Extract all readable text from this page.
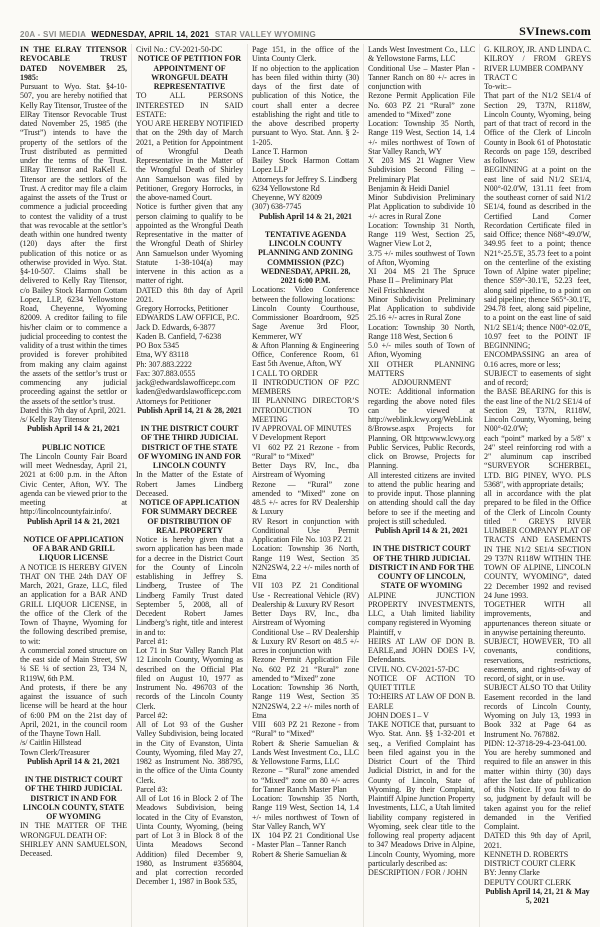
20A - SVI MEDIA WEDNESDAY, APRIL 14, 2021 STAR VALLEY WYOMING	SVInews.com

IN THE ELRAY TITENSOR REVOCABLE TRUST DATED NOVEMBER 25, 1985:

Pursuant to Wyo. Stat. §4-10-507, you are hereby notified that Kelly Ray Titensor, Trustee of the ElRay Titensor Revocable Trust dated November 25, 1985 (the “Trust”) intends to have the property of the settlors of the Trust distributed as permitted under the terms of the Trust. ElRay Titensor and RaKell E. Titensor are the settlors of the Trust. A creditor may file a claim against the assets of the Trust or commence a judicial proceeding to contest the validity of a trust that was revocable at the settlor’s death within one hundred twenty (120) days after the first publication of this notice or as otherwise provided in Wyo. Stat. §4-10-507. Claims shall be delivered to Kelly Ray Titensor, c/o Bailey Stock Harmon Cottam Lopez, LLP, 6234 Yellowstone Road, Cheyenne, Wyoming 82009. A creditor failing to file his/her claim or to commence a judicial proceeding to contest the validity of a trust within the times provided is forever prohibited from making any claim against the assets of the settlor’s trust or commencing any judicial proceeding against the settlor or the assets of the settlor’s trust.

Dated this 7th day of April, 2021.

/s/ Kelly Ray Titensor

Publish April 14 & 21, 2021

PUBLIC NOTICE

The Lincoln County Fair Board will meet Wednesday, April 21, 2021 at 6:00 p.m. in the Afton Civic Center, Afton, WY. The agenda can be viewed prior to the meeting at http://lincolncountyfair.info/.

Publish April 14 & 21, 2021

NOTICE OF APPLICATION OF A BAR AND GRILL LIQUOR LICENSE

A NOTICE IS HEREBY GIVEN THAT ON THE 24th DAY OF March, 2021, Graze, LLC, filed an application for a BAR AND GRILL LIQUOR LICENSE, in the office of the Clerk of the Town of Thayne, Wyoming for the following described premise, to wit:

A commercial zoned structure on the east side of Main Street, SW ¼ SE ¼ of section 23, T34 N, R119W, 6th P.M.

And protests, if there be any against the issuance of such license will be heard at the hour of 6:00 PM on the 21st day of April, 2021, in the council room of the Thayne Town Hall.

/s/ Caitlin Hillstead

Town Clerk/Treasurer

Publish April 14 & 21, 2021

IN THE DISTRICT COURT OF THE THIRD JUDICIAL DISTRICT IN AND FOR LINCOLN COUNTY, STATE OF WYOMING

IN THE MATTER OF THE WRONGFUL DEATH OF:

SHIRLEY ANN SAMUELSON, Deceased.

Civil No.: CV-2021-50-DC

NOTICE OF PETITION FOR APPOINTMENT OF WRONGFUL DEATH REPRESENTATIVE

TO ALL PERSONS INTERESTED IN SAID ESTATE:

YOU ARE HEREBY NOTIFIED that on the 29th day of March 2021, a Petition for Appointment of Wrongful Death Representative in the Matter of the Wrongful Death of Shirley Ann Samuelson was filed by Petitioner, Gregory Horrocks, in the above-named Court.

Notice is further given that any person claiming to qualify to be appointed as the Wrongful Death Representative in the matter of the Wrongful Death of Shirley Ann Samuelson under Wyoming Statute 1-38-104(a) may intervene in this action as a matter of right.

DATED this 8th day of April 2021.

Gregory Horrocks, Petitioner

EDWARDS LAW OFFICE, P.C.

Jack D. Edwards, 6-3877

Kaden B. Canfield, 7-6238

PO Box 5345

Etna, WY 83118

Ph: 307.883.2222

Fax: 307.883.0555

jack@edwardslawofficepc.com

kaden@edwardslawofficepc.com

Attorneys for Petitioner

Publish April 14, 21 & 28, 2021

IN THE DISTRICT COURT OF THE THIRD JUDICIAL DISTRICT OF THE STATE OF WYOMING IN AND FOR LINCOLN COUNTY

In the Matter of the Estate of Robert James Lindberg Deceased.

NOTICE OF APPLICATION FOR SUMMARY DECREE OF DISTRIBUTION OF REAL PROPERTY

Notice is hereby given that a sworn application has been made for a decree in the District Court for the County of Lincoln establishing in Jeffrey S. Lindberg, Trustee of The Lindberg Family Trust dated September 5, 2008, all of Decedent Robert James Lindberg’s right, title and interest in and to:

Parcel #1:

Lot 71 in Star Valley Ranch Plat 12 Lincoln County, Wyoming as described on the Official Plat filed on August 10, 1977 as Instrument No. 496703 of the records of the Lincoln County Clerk.

Parcel #2:

All of Lot 93 of the Gusher Valley Subdivision, being located in the City of Evanston, Uinta County, Wyoming, filed May 27, 1982 as Instrument No. 388795, in the office of the Uinta County Clerk.

Parcel #3:

All of Lot 16 in Block 2 of The Meadows Subdivision, being located in the City of Evanston, Uinta County, Wyoming, (being part of Lot 3 in Block 8 of the Uinta Meadows Second Addition) filed December 9, 1980, as Instrument #356804, and plat correction recorded December 1, 1987 in Book 535,

Page 151, in the office of the Uinta County Clerk.

If no objection to the application has been filed within thirty (30) days of the first date of publication of this Notice, the court shall enter a decree establishing the right and title to the above described property pursuant to Wyo. Stat. Ann. § 2-1-205.

Lance T. Harmon

Bailey Stock Harmon Cottam Lopez LLP

Attorneys for Jeffrey S. Lindberg

6234 Yellowstone Rd

Cheyenne, WY 82009

(307) 638-7745

Publish April 14 & 21, 2021

TENTATIVE AGENDA LINCOLN COUNTY PLANNING AND ZONING COMMISSION (PZC) WEDNESDAY, APRIL 28, 2021 6:00 P.M.

Locations: Video Conference between the following locations:

Lincoln County Courthouse, Commissioner Boardroom, 925 Sage Avenue 3rd Floor, Kemmerer, WY

& Afton Planning & Engineering Office, Conference Room, 61 East 5th Avenue, Afton, WY

I CALL TO ORDER

II INTRODUCTION OF PZC MEMBERS

III PLANNING DIRECTOR’S INTRODUCTION TO MEETING

IV APPROVAL OF MINUTES

V Development Report

VI 602 PZ 21 Rezone - from “Rural” to “Mixed”

Better Days RV, Inc., dba Airstream of Wyoming

Rezone — “Rural” zone amended to “Mixed” zone on 48.5 +/- acres for RV Dealership & Luxury

RV Resort in conjunction with Conditional Use Permit Application File No. 103 PZ 21

Location: Township 36 North, Range 119 West, Section 35 N2N2SW4, 2.2 +/- miles north of Etna

VII 103 PZ 21 Conditional Use - Recreational Vehicle (RV) Dealership & Luxury RV Resort

Better Days RV, Inc., dba Airstream of Wyoming

Conditional Use – RV Dealership & Luxury RV Resort on 48.5 +/- acres in conjunction with

Rezone Permit Application File No. 602 PZ 21 “Rural” zone amended to “Mixed” zone

Location: Township 36 North, Range 119 West, Section 35 N2N2SW4, 2.2 +/- miles north of Etna

VIII 603 PZ 21 Rezone - from “Rural” to “Mixed”

Robert & Sherie Samuelian & Lands West Investment Co., LLC & Yellowstone Farms, LLC

Rezone – “Rural” zone amended to “Mixed” zone on 80 +/- acres for Tanner Ranch Master Plan

Location: Township 35 North, Range 119 West, Section 14, 1.4 +/- miles northwest of Town of Star Valley Ranch, WY

IX 104 PZ 21 Conditional Use - Master Plan – Tanner Ranch

Robert & Sherie Samuelian &

Lands West Investment Co., LLC & Yellowstone Farms, LLC

Conditional Use – Master Plan - Tanner Ranch on 80 +/- acres in conjunction with

Rezone Permit Application File No. 603 PZ 21 “Rural” zone amended to “Mixed” zone

Location: Township 35 North, Range 119 West, Section 14, 1.4 +/- miles northwest of Town of Star Valley Ranch, WY

X 203 MS 21 Wagner View Subdivision Second Filing – Preliminary Plat

Benjamin & Heidi Daniel

Minor Subdivision Preliminary Plat Application to subdivide 10 +/- acres in Rural Zone

Location: Township 31 North, Range 119 West, Section 25, Wagner View Lot 2,

3.75 +/- miles southwest of Town of Afton, Wyoming

XI 204 MS 21 The Spruce Phase II – Preliminary Plat

Neil Frischknecht

Minor Subdivision Preliminary Plat Application to subdivide 25.16 +/- acres in Rural Zone

Location: Township 30 North, Range 118 West, Section 6

5.0 +/- miles south of Town of Afton, Wyoming

XII OTHER PLANNING MATTERS

ADJOURNMENT

NOTE: Additional information regarding the above noted files can be viewed at http://weblink.lcwy.org/WebLink8/Browse.aspx Projects for Planning, OR http:www.lcwy.org Public Services, Public Records, click on Browse, Projects for Planning.

All interested citizens are invited to attend the public hearing and to provide input. Those planning on attending should call the day before to see if the meeting and project is still scheduled.

Publish April 14 & 21, 2021

IN THE DISTRICT COURT OF THE THIRD JUDICIAL DISTRICT IN AND FOR THE COUNTY OF LINCOLN, STATE OF WYOMING

ALPINE JUNCTION PROPERTY INVESTMENTS, LLC, a Utah limited liability company registered in Wyoming

Plaintiff, v

HEIRS AT LAW OF DON B. EARLE,and JOHN DOES I-V, Defendants.

CIVIL NO. CV-2021-57-DC

NOTICE OF ACTION TO QUIET TITLE

TO:HEIRS AT LAW OF DON B. EARLE

JOHN DOES I – V

TAKE NOTICE that, pursuant to Wyo. Stat. Ann. §§ 1-32-201 et seq., a Verified Complaint has been filed against you in the District Court of the Third Judicial District, in and for the County of Lincoln, State of Wyoming. By their Complaint, Plaintiff Alpine Junction Property Investments, LLC, a Utah limited liability company registered in Wyoming, seek clear title to the following real property adjacent to 347 Meadows Drive in Alpine, Lincoln County, Wyoming, more particularly described as:

DESCRIPTION / FOR / JOHN

G. KILROY, JR. AND LINDA C. KILROY / FROM GREYS RIVER LUMBER COMPANY

TRACT C

To-wit:–

That part of the N1/2 SE1/4 of Section 29, T37N, R118W, Lincoln County, Wyoming, being part of that tract of record in the Office of the Clerk of Lincoln County in Book 61 of Photostatic Records on page 159, described as follows:

BEGINNING at a point on the east line of said N1/2 SE1/4, N00°-02.0'W, 131.11 feet from the southeast corner of said N1/2 SE1/4, found as described in the Certified Land Corner Recordation Certificate filed in said Office; thence N68°-49.0'W, 349.95 feet to a point; thence N21°-25.5'E, 35.73 feet to a point on the centerline of the existing Town of Alpine water pipeline; thence S59°-30.1'E, 52.23 feet, along said pipeline, to a point on said pipeline; thence S65°-30.1'E, 294.78 feet, along said pipeline, to a point on the east line of said N1/2 SE1/4; thence N00°-02.0'E, 10.97 feet to the POINT IF BEGINNING;

ENCOMPASSING an area of 0.16 acres, more or less;

SUBJECT to easements of sight and of record;

the BASE BEARING for this is the east line of the N1/2 SE1/4 of Section 29, T37N, R118W, Lincoln County, Wyoming, being N00°-02.0'W;

each “point” marked by a 5/8" x 24" steel reinforcing rod with a 2" aluminum cap inscribed “SURVEYOR SCHERBEL, LTD. BIG PINEY, WYO. PLS 5368", with appropriate details;

all in accordance with the plat prepared to be filed in the Office of the Clerk of Lincoln County titled “ GREYS RIVER LUMBER COMPANY PLAT OF TRACTS AND EASEMENTS IN THE N1/2 SE1/4 SECTION 29 T37N R118W WITHIN THE TOWN OF ALPINE, LINCOLN COUNTY, WYOMING”, dated 22 December 1992 and revised 24 June 1993.

TOGETHER WITH all improvements, and appurtenances thereon situate or in anywise pertaining thereunto.

SUBJECT, HOWEVER, TO all covenants, conditions, reservations, restrictions, easements, and rights-of-way of record, of sight, or in use.

SUBJECT ALSO TO that Utility Easement recorded in the land records of Lincoln County, Wyoming on July 13, 1993 in Book 332 at Page 64 as Instrument No. 767882.

PIDN: 12-3718-29-4-23-041.00.

You are hereby summoned and required to file an answer in this matter within thirty (30) days after the last date of publication of this Notice. If you fail to do so, judgment by default will be taken against you for the relief demanded in the Verified Complaint.

DATED this 9th day of April, 2021.

KENNETH D. ROBERTS

DISTRICT COURT CLERK

BY: Jenny Clarke

DEPUTY COURT CLERK

Publish April 14, 21, 21 & May 5, 2021
